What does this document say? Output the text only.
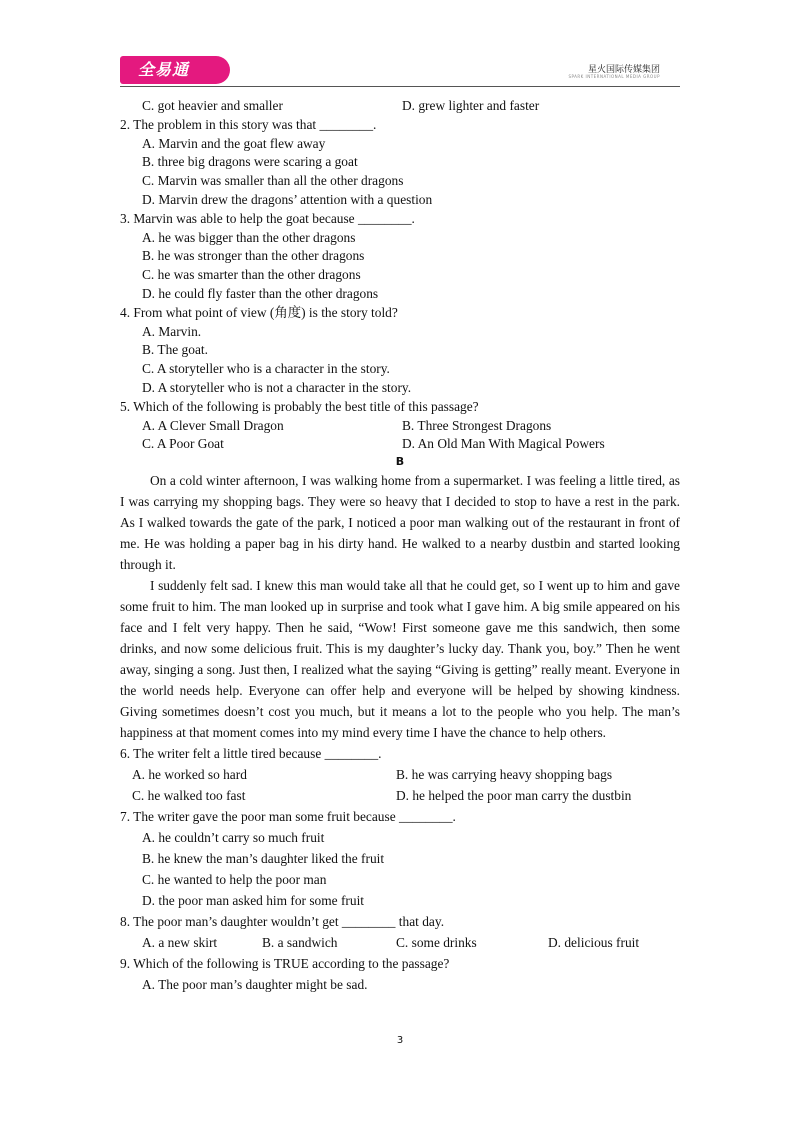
全易通	星火国际传媒集团
SPARK INTERNATIONAL MEDIA GROUP
C. got heavier and smaller	D. grew lighter and faster
2. The problem in this story was that ________.
A. Marvin and the goat flew away
B. three big dragons were scaring a goat
C. Marvin was smaller than all the other dragons
D. Marvin drew the dragons’ attention with a question
3. Marvin was able to help the goat because ________.
A. he was bigger than the other dragons
B. he was stronger than the other dragons
C. he was smarter than the other dragons
D. he could fly faster than the other dragons
4. From what point of view (角度) is the story told?
A. Marvin.
B. The goat.
C. A storyteller who is a character in the story.
D. A storyteller who is not a character in the story.
5. Which of the following is probably the best title of this passage?
A. A Clever Small Dragon	B. Three Strongest Dragons
C. A Poor Goat	D. An Old Man With Magical Powers
B

On a cold winter afternoon, I was walking home from a supermarket. I was feeling a little tired, as I was carrying my shopping bags. They were so heavy that I decided to stop to have a rest in the park. As I walked towards the gate of the park, I noticed a poor man walking out of the restaurant in front of me. He was holding a paper bag in his dirty hand. He walked to a nearby dustbin and started looking through it.

I suddenly felt sad. I knew this man would take all that he could get, so I went up to him and gave some fruit to him. The man looked up in surprise and took what I gave him. A big smile appeared on his face and I felt very happy. Then he said, “Wow! First someone gave me this sandwich, then some drinks, and now some delicious fruit. This is my daughter’s lucky day. Thank you, boy.” Then he went away, singing a song. Just then, I realized what the saying “Giving is getting” really meant. Everyone in the world needs help. Everyone can offer help and everyone will be helped by showing kindness. Giving sometimes doesn’t cost you much, but it means a lot to the people who you help. The man’s happiness at that moment comes into my mind every time I have the chance to help others.

6. The writer felt a little tired because ________.
A. he worked so hard	B. he was carrying heavy shopping bags
C. he walked too fast	D. he helped the poor man carry the dustbin
7. The writer gave the poor man some fruit because ________.
A. he couldn’t carry so much fruit
B. he knew the man’s daughter liked the fruit
C. he wanted to help the poor man
D. the poor man asked him for some fruit
8. The poor man’s daughter wouldn’t get ________ that day.
A. a new skirt	B. a sandwich	C. some drinks	D. delicious fruit
9. Which of the following is TRUE according to the passage?
A. The poor man’s daughter might be sad.
3
